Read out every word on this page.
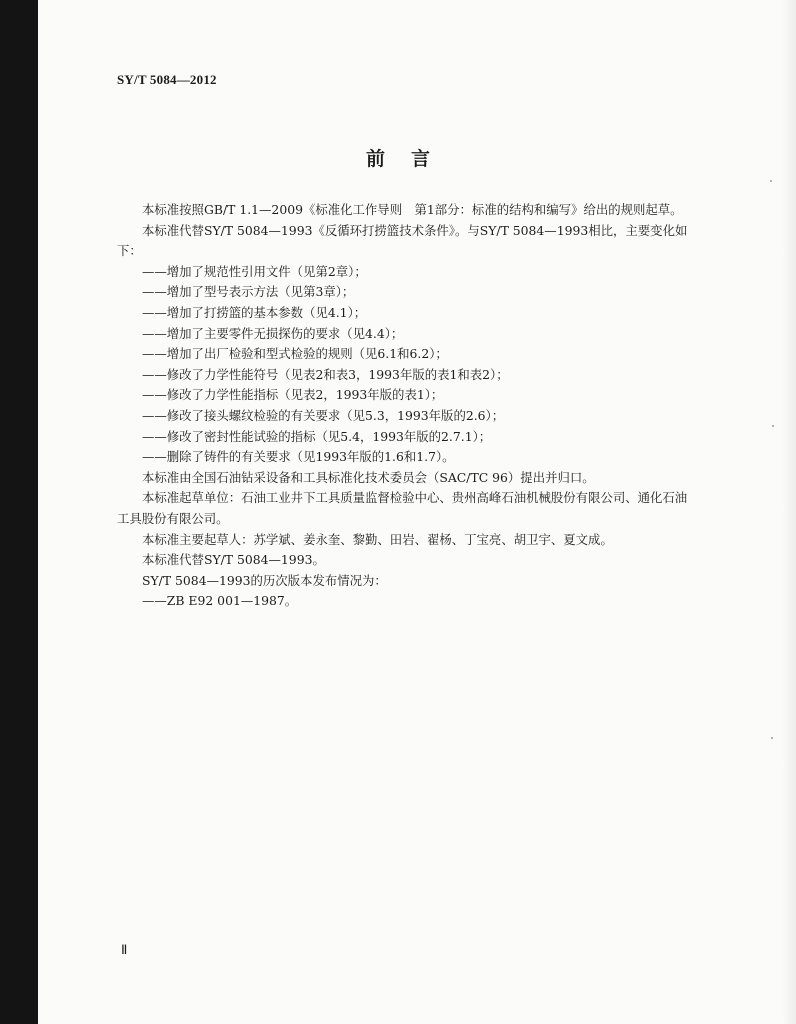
SY/T 5084—2012
前言

本标准按照GB/T 1.1—2009《标准化工作导则　第1部分：标准的结构和编写》给出的规则起草。

本标准代替SY/T 5084—1993《反循环打捞篮技术条件》。与SY/T 5084—1993相比，主要变化如下：

——增加了规范性引用文件（见第2章）；

——增加了型号表示方法（见第3章）；

——增加了打捞篮的基本参数（见4.1）；

——增加了主要零件无损探伤的要求（见4.4）；

——增加了出厂检验和型式检验的规则（见6.1和6.2）；

——修改了力学性能符号（见表2和表3，1993年版的表1和表2）；

——修改了力学性能指标（见表2，1993年版的表1）；

——修改了接头螺纹检验的有关要求（见5.3，1993年版的2.6）；

——修改了密封性能试验的指标（见5.4，1993年版的2.7.1）；

——删除了铸件的有关要求（见1993年版的1.6和1.7）。

本标准由全国石油钻采设备和工具标准化技术委员会（SAC/TC 96）提出并归口。

本标准起草单位：石油工业井下工具质量监督检验中心、贵州高峰石油机械股份有限公司、通化石油工具股份有限公司。

本标准主要起草人：苏学斌、姜永奎、黎勤、田岩、翟杨、丁宝亮、胡卫宇、夏文成。

本标准代替SY/T 5084—1993。

SY/T 5084—1993的历次版本发布情况为：

——ZB E92 001—1987。

Ⅱ
